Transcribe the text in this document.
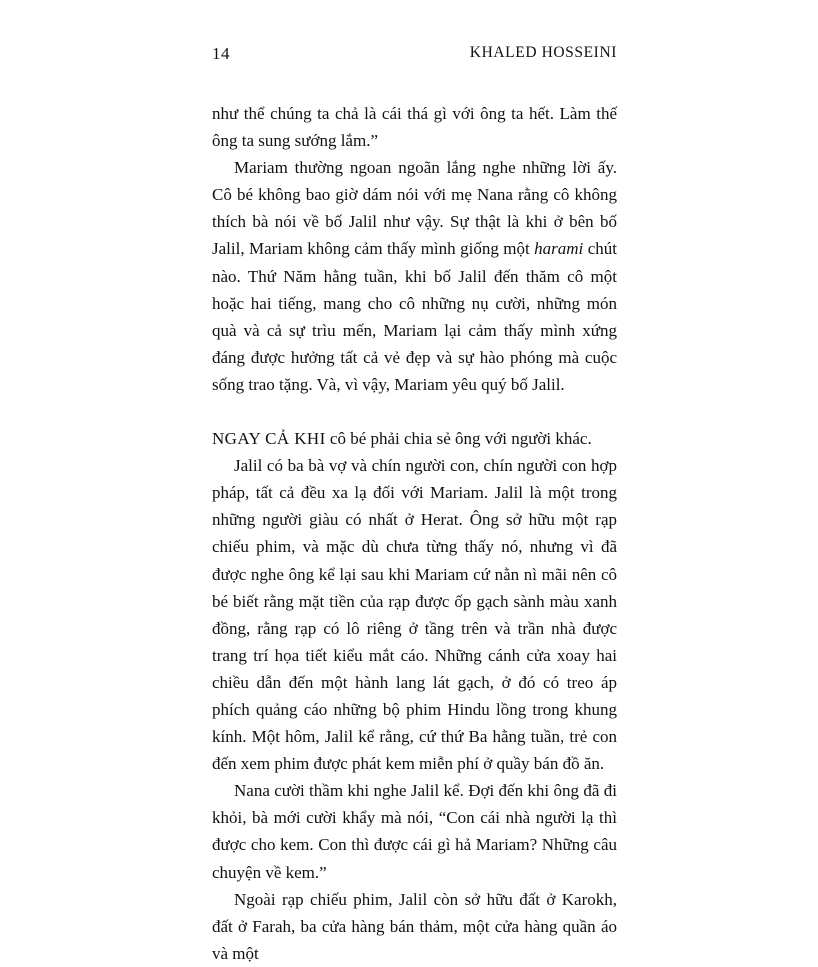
14	KHALED HOSSEINI

như thể chúng ta chả là cái thá gì với ông ta hết. Làm thế ông ta sung sướng lắm.”

Mariam thường ngoan ngoãn lắng nghe những lời ấy. Cô bé không bao giờ dám nói với mẹ Nana rằng cô không thích bà nói về bố Jalil như vậy. Sự thật là khi ở bên bố Jalil, Mariam không cảm thấy mình giống một harami chút nào. Thứ Năm hằng tuần, khi bố Jalil đến thăm cô một hoặc hai tiếng, mang cho cô những nụ cười, những món quà và cả sự trìu mến, Mariam lại cảm thấy mình xứng đáng được hưởng tất cả vẻ đẹp và sự hào phóng mà cuộc sống trao tặng. Và, vì vậy, Mariam yêu quý bố Jalil.

NGAY CẢ KHI cô bé phải chia sẻ ông với người khác.

Jalil có ba bà vợ và chín người con, chín người con hợp pháp, tất cả đều xa lạ đối với Mariam. Jalil là một trong những người giàu có nhất ở Herat. Ông sở hữu một rạp chiếu phim, và mặc dù chưa từng thấy nó, nhưng vì đã được nghe ông kể lại sau khi Mariam cứ nằn nì mãi nên cô bé biết rằng mặt tiền của rạp được ốp gạch sành màu xanh đồng, rằng rạp có lô riêng ở tầng trên và trần nhà được trang trí họa tiết kiểu mắt cáo. Những cánh cửa xoay hai chiều dẫn đến một hành lang lát gạch, ở đó có treo áp phích quảng cáo những bộ phim Hindu lồng trong khung kính. Một hôm, Jalil kể rằng, cứ thứ Ba hằng tuần, trẻ con đến xem phim được phát kem miễn phí ở quầy bán đồ ăn.

Nana cười thầm khi nghe Jalil kể. Đợi đến khi ông đã đi khỏi, bà mới cười khẩy mà nói, “Con cái nhà người lạ thì được cho kem. Con thì được cái gì hả Mariam? Những câu chuyện về kem.”

Ngoài rạp chiếu phim, Jalil còn sở hữu đất ở Karokh, đất ở Farah, ba cửa hàng bán thảm, một cửa hàng quần áo và một
